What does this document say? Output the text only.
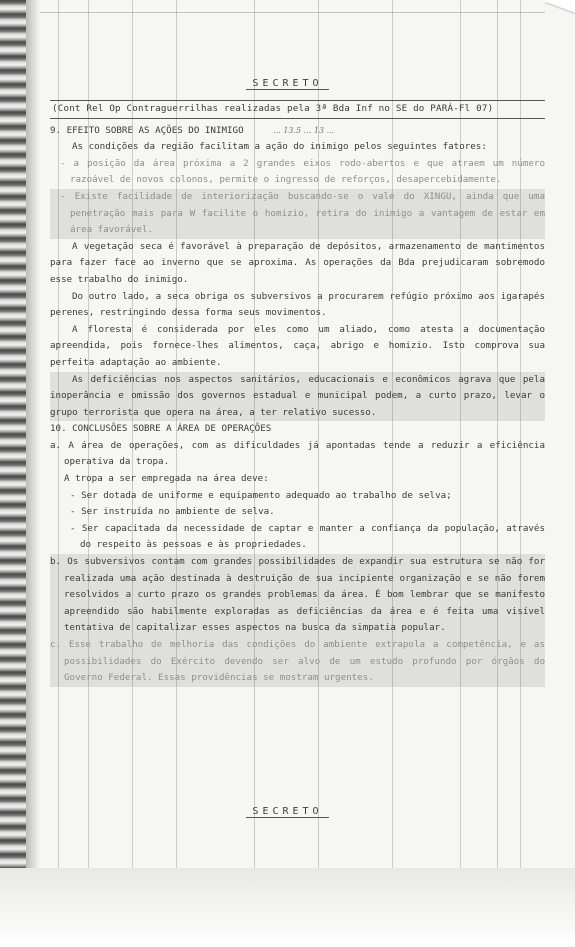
SECRETO
(Cont Rel Op Contraguerrilhas realizadas pela 3ª Bda Inf no SE do PARÁ-Fl 07)
9. EFEITO SOBRE AS AÇÕES DO INIMIGO	... 13.5 ... 13 ...

As condições da região facilitam a ação do inimigo pelos seguintes fatores:

- a posição da área próxima a 2 grandes eixos rodo-abertos e que atraem um número razoável de novos colonos, permite o ingresso de reforços, desapercebidamente.

- Existe facilidade de interiorização buscando-se o vale do XINGU, ainda que uma penetração mais para W facilite o homizio, retira do inimigo a vantagem de estar em área favorável.

A vegetação seca é favorável à preparação de depósitos, armazenamento de mantimentos para fazer face ao inverno que se aproxima. As operações da Bda prejudicaram sobremodo esse trabalho do inimigo.

Do outro lado, a seca obriga os subversivos a procurarem refúgio próximo aos igarapés perenes, restringindo dessa forma seus movimentos.

A floresta é considerada por eles como um aliado, como atesta a documentação apreendida, pois fornece-lhes alimentos, caça, abrigo e homizio. Isto comprova sua perfeita adaptação ao ambiente.

As deficiências nos aspectos sanitários, educacionais e econômicos agrava que pela inoperância e omissão dos governos estadual e municipal podem, a curto prazo, levar o grupo terrorista que opera na área, a ter relativo sucesso.

10. CONCLUSÕES SOBRE A ÁREA DE OPERAÇÕES

a. A área de operações, com as dificuldades já apontadas tende a reduzir a eficiência operativa da tropa.

A tropa a ser empregada na área deve:

- Ser dotada de uniforme e equipamento adequado ao trabalho de selva;

- Ser instruída no ambiente de selva.

- Ser capacitada da necessidade de captar e manter a confiança da população, através do respeito às pessoas e às propriedades.

b. Os subversivos contam com grandes possibilidades de expandir sua estrutura se não for realizada uma ação destinada à destruição de sua incipiente organização e se não forem resolvidos a curto prazo os grandes problemas da área. É bom lembrar que se manifesto apreendido são habilmente exploradas as deficiências da área e é feita uma visível tentativa de capitalizar esses aspectos na busca da simpatia popular.

c. Esse trabalho de melhoria das condições do ambiente extrapola a competência, e as possibilidades do Exército devendo ser alvo de um estudo profundo por órgãos do Governo Federal. Essas providências se mostram urgentes.

SECRETO
